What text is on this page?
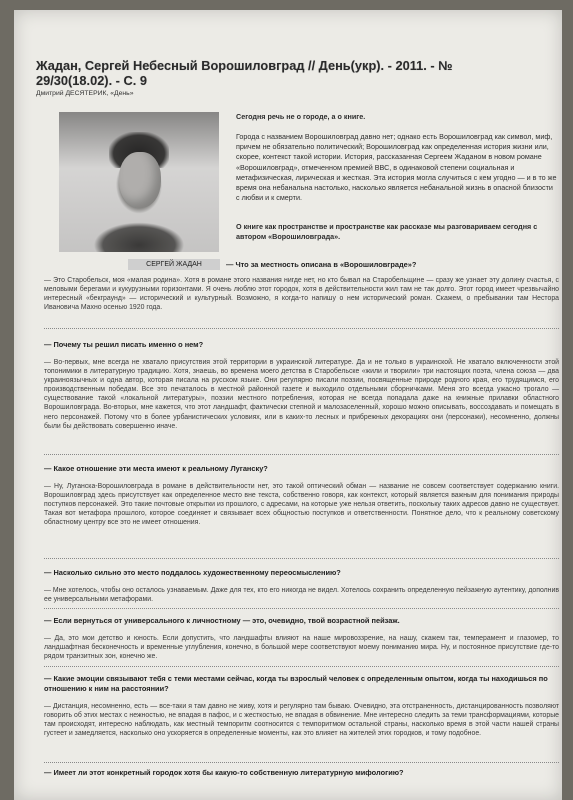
Жадан, Сергей Небесный Ворошиловград // День(укр). - 2011. - № 29/30(18.02). - С. 9
Дмитрий ДЕСЯТЕРИК, «День»
СЕРГЕЙ ЖАДАН
Сегодня речь не о городе, а о книге.
Города с названием Ворошиловград давно нет; однако есть Ворошиловград как символ, миф, причем не обязательно политический; Ворошиловград как определенная история жизни или, скорее, контекст такой истории. История, рассказанная Сергеем Жаданом в новом романе «Ворошиловград», отмеченном премией ВВС, в одинаковой степени социальная и метафизическая, лирическая и жесткая. Эта история могла случиться с кем угодно — и в то же время она небанальна настолько, насколько является небанальной жизнь в опасной близости с любви и к смерти.
О книге как пространстве и пространстве как рассказе мы разговариваем сегодня с автором «Ворошиловграда».
— Что за местность описана в «Ворошиловграде»?
— Это Старобельск, моя «малая родина». Хотя в романе этого названия нигде нет, но кто бывал на Старобельщине — сразу же узнает эту долину счастья, с меловыми берегами и кукурузными горизонтами. Я очень люблю этот городок, хотя в действительности жил там не так долго. Этот город имеет чрезвычайно интересный «бекграунд» — исторический и культурный. Возможно, я когда-то напишу о нем исторический роман. Скажем, о пребывании там Нестора Ивановича Махно осенью 1920 года.
— Почему ты решил писать именно о нем?
— Во-первых, мне всегда не хватало присутствия этой территории в украинской литературе. Да и не только в украинской. Не хватало включенности этой топонимики в литературную традицию. Хотя, знаешь, во времена моего детства в Старобельске «жили и творили» три настоящих поэта, члена союза — два украиноязычных и одна автор, которая писала на русском языке. Они регулярно писали поэзии, посвященные природе родного края, его трудящимся, его производственным победам. Все это печаталось в местной районной газете и выходило отдельными сборничками. Меня это всегда ужасно трогало — существование такой «локальной литературы», поэзии местного потребления, которая не всегда попадала даже на книжные прилавки областного Ворошиловграда. Во-вторых, мне кажется, что этот ландшафт, фактически степной и малозаселенный, хорошо можно описывать, воссоздавать и помещать в него персонажей. Потому что в более урбанистических условиях, или в каких-то лесных и прибрежных декорациях они (персонажи), несомненно, должны были бы действовать совершенно иначе.
— Какое отношение эти места имеют к реальному Луганску?
— Ну, Луганска-Ворошиловграда в романе в действительности нет, это такой оптический обман — название не совсем соответствует содержанию книги. Ворошиловград здесь присутствует как определенное место вне текста, собственно говоря, как контекст, который является важным для понимания природы поступков персонажей. Это такие почтовые открытки из прошлого, с адресами, на которые уже нельзя ответить, поскольку таких адресов давно не существует. Такая вот метафора прошлого, которое соединяет и связывает всех общностью поступков и ответственности. Понятное дело, что к реальному советскому областному центру все это не имеет отношения.
— Насколько сильно это место поддалось художественному переосмыслению?
— Мне хотелось, чтобы оно осталось узнаваемым. Даже для тех, кто его никогда не видел. Хотелось сохранить определенную пейзажную аутентику, дополнив ее универсальными метафорами.
— Если вернуться от универсального к личностному — это, очевидно, твой возрастной пейзаж.
— Да, это мои детство и юность. Если допустить, что ландшафты влияют на наше мировоззрение, на нашу, скажем так, темперамент и глазомер, то ландшафтная бесконечность и временные углубления, конечно, в большой мере соответствуют моему пониманию мира. Ну, и постоянное присутствие где-то рядом транзитных зон, конечно же.
— Какие эмоции связывают тебя с теми местами сейчас, когда ты взрослый человек с определенным опытом, когда ты находишься по отношению к ним на расстоянии?
— Дистанция, несомненно, есть — все-таки я там давно не живу, хотя и регулярно там бываю. Очевидно, эта отстраненность, дистанцированность позволяют говорить об этих местах с нежностью, не впадая в пафос, и с жесткостью, не впадая в обвинение. Мне интересно следить за теми трансформациями, которые там происходят, интересно наблюдать, как местный темпоритм соотносится с темпоритмом остальной страны, насколько время в этой части нашей страны густеет и замедляется, насколько оно ускоряется в определенные моменты, как это влияет на жителей этих городков, и тому подобное.
— Имеет ли этот конкретный городок хотя бы какую-то собственную литературную мифологию?
